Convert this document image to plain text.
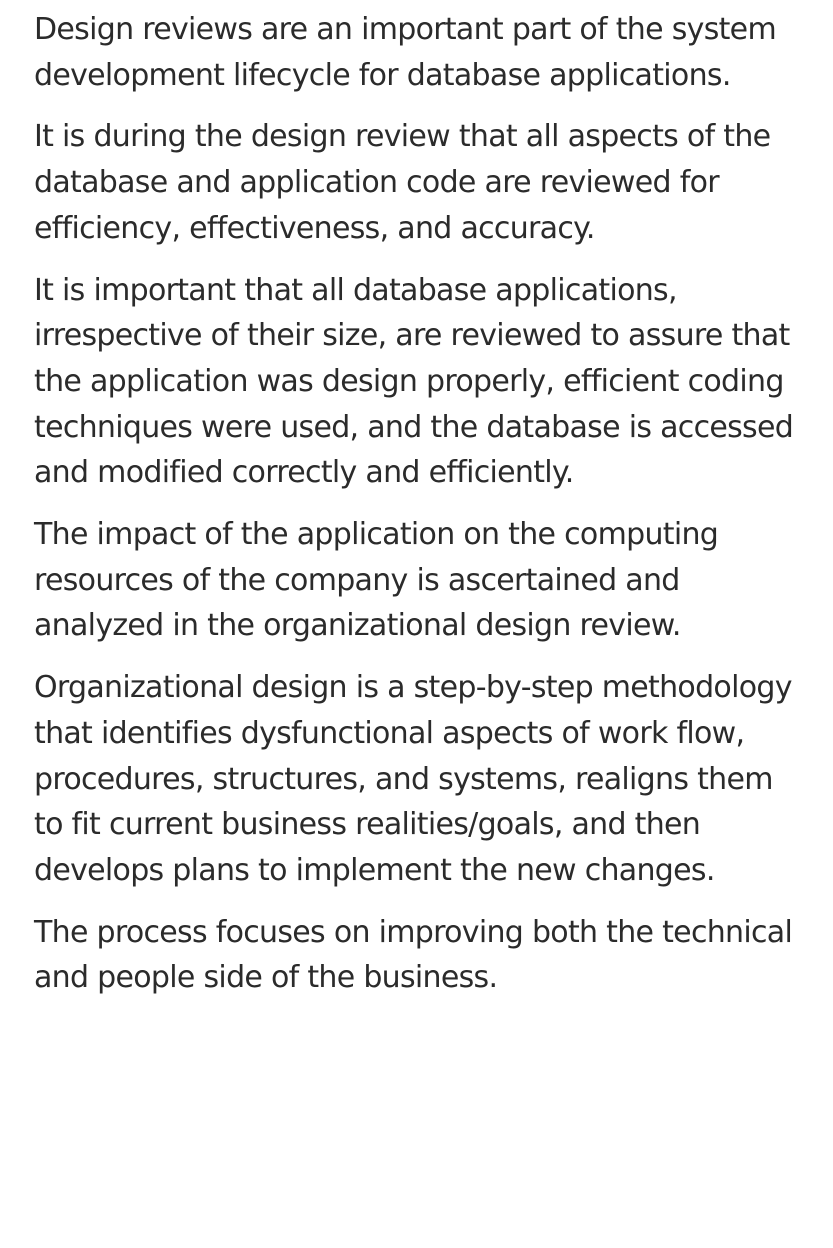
Design reviews are an important part of the system development lifecycle for database applications.

It is during the design review that all aspects of the database and application code are reviewed for efficiency, effectiveness, and accuracy.

It is important that all database applications, irrespective of their size, are reviewed to assure that the application was design properly, efficient coding techniques were used, and the database is accessed and modified correctly and efficiently.

The impact of the application on the computing resources of the company is ascertained and analyzed in the organizational design review.

Organizational design is a step-by-step methodology that identifies dysfunctional aspects of work flow, procedures, structures, and systems, realigns them to fit current business realities/goals, and then develops plans to implement the new changes.

The process focuses on improving both the technical and people side of the business.
